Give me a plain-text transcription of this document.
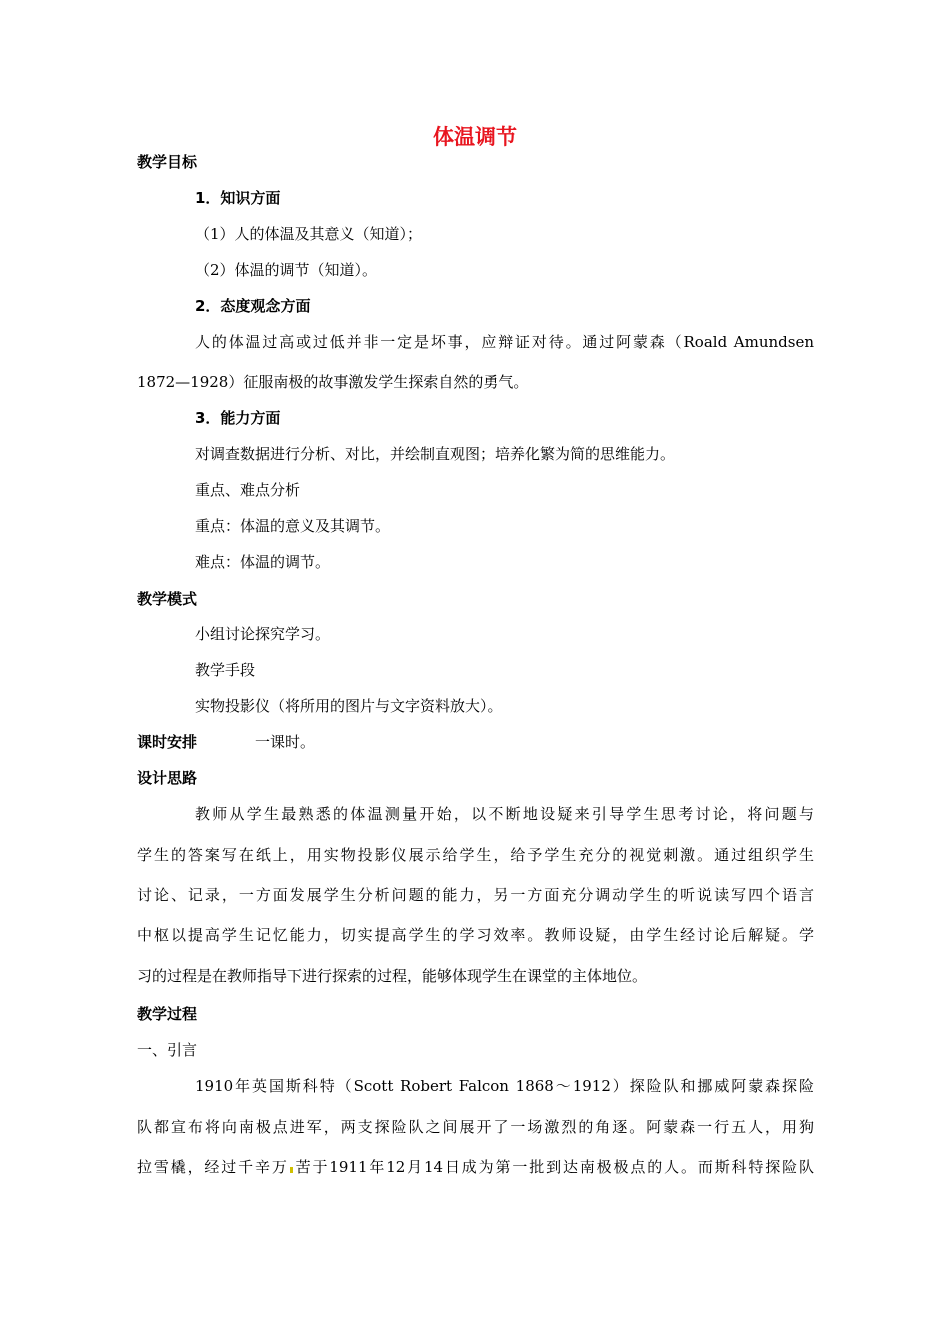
体温调节
教学目标
1．知识方面
（1）人的体温及其意义（知道）；
（2）体温的调节（知道）。
2．态度观念方面
人的体温过高或过低并非一定是坏事，应辩证对待。通过阿蒙森（Roald Amundsen
1872—1928）征服南极的故事激发学生探索自然的勇气。
3．能力方面
对调查数据进行分析、对比，并绘制直观图；培养化繁为简的思维能力。
重点、难点分析
重点：体温的意义及其调节。
难点：体温的调节。
教学模式
小组讨论探究学习。
教学手段
实物投影仪（将所用的图片与文字资料放大）。
课时安排	一课时。
设计思路
教师从学生最熟悉的体温测量开始，以不断地设疑来引导学生思考讨论，将问题与
学生的答案写在纸上，用实物投影仪展示给学生，给予学生充分的视觉刺激。通过组织学生
讨论、记录，一方面发展学生分析问题的能力，另一方面充分调动学生的听说读写四个语言
中枢以提高学生记忆能力，切实提高学生的学习效率。教师设疑，由学生经讨论后解疑。学
习的过程是在教师指导下进行探索的过程，能够体现学生在课堂的主体地位。
教学过程
一、引言
1910年英国斯科特（Scott Robert Falcon 1868～1912）探险队和挪威阿蒙森探险
队都宣布将向南极点进军，两支探险队之间展开了一场激烈的角逐。阿蒙森一行五人，用狗
拉雪橇，经过千辛万 苦于1911年12月14日成为第一批到达南极极点的人。而斯科特探险队
